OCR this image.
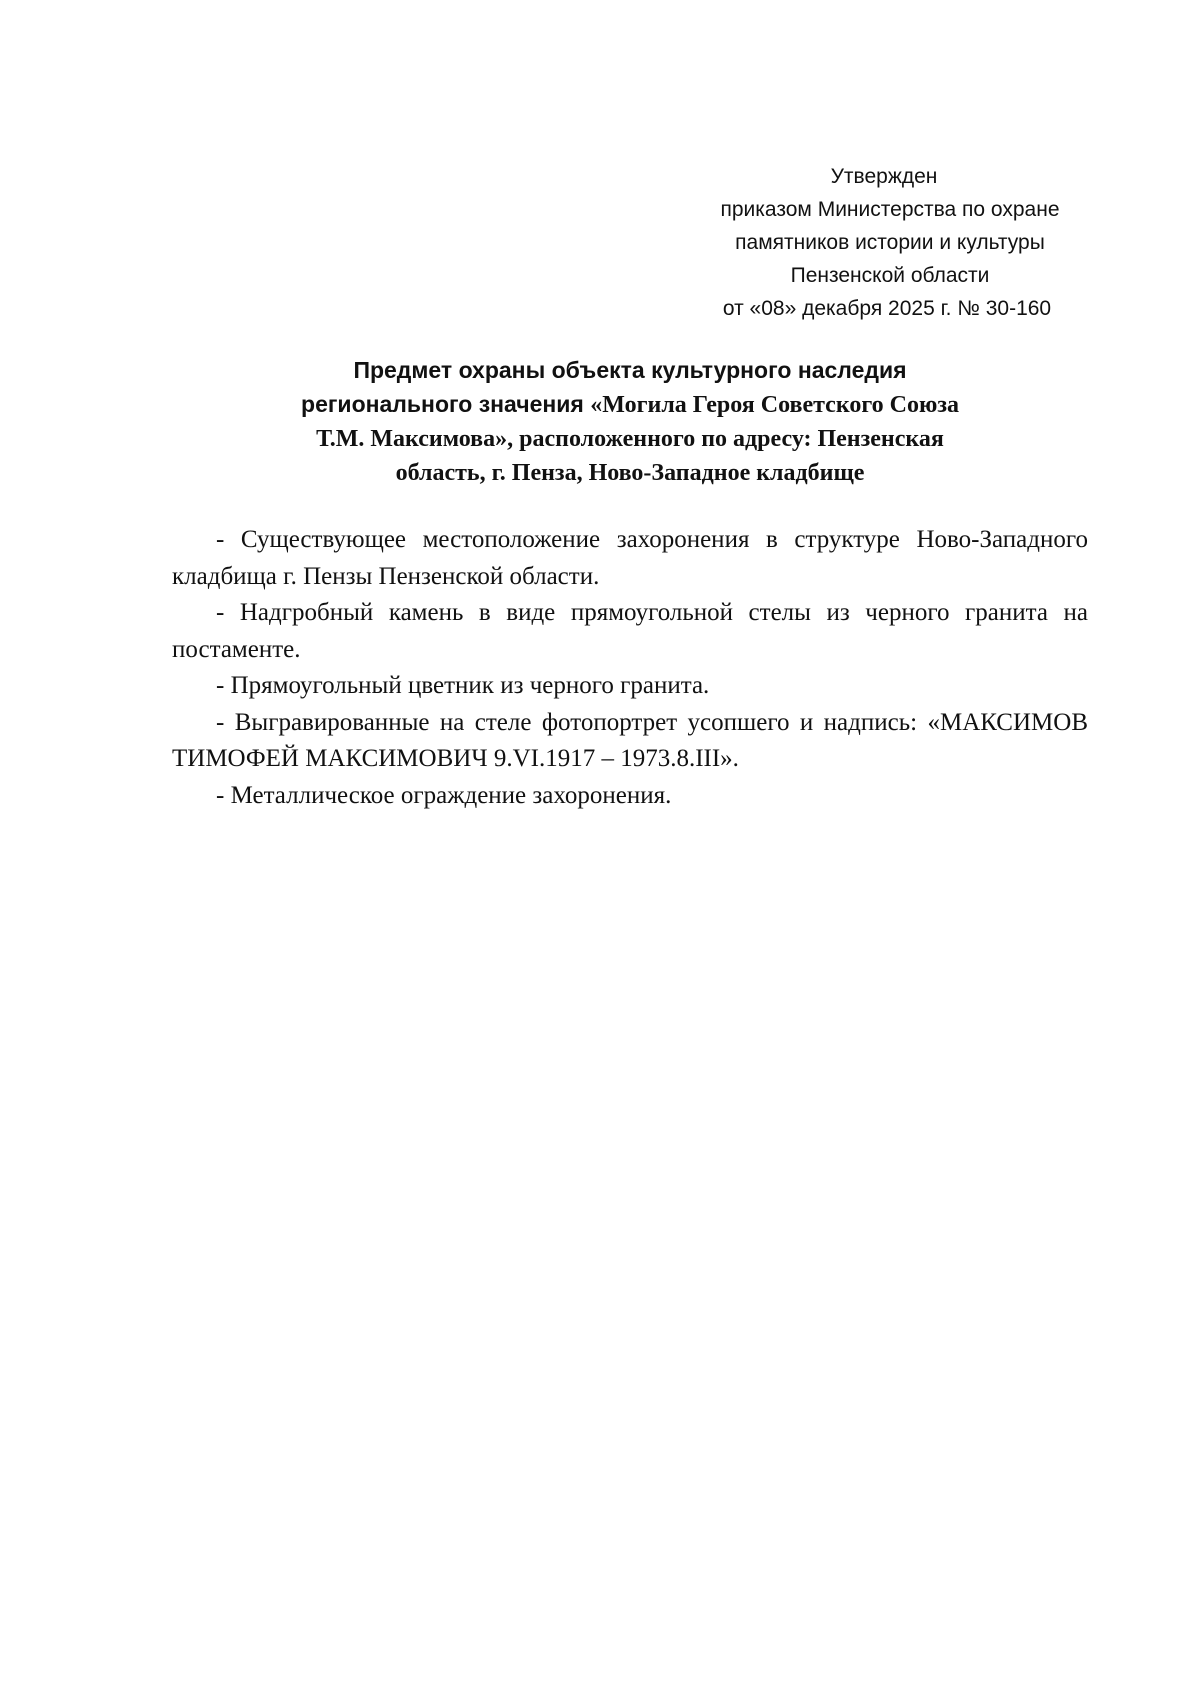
Утвержден
приказом Министерства по охране
памятников истории и культуры
Пензенской области
от «08» декабря 2025 г. № 30-160
Предмет охраны объекта культурного наследия
регионального значения «Могила Героя Советского Союза
Т.М. Максимова», расположенного по адресу: Пензенская
область, г. Пенза, Ново-Западное кладбище

- Существующее местоположение захоронения в структуре Ново-Западного кладбища г. Пензы Пензенской области.

- Надгробный камень в виде прямоугольной стелы из черного гранита на постаменте.

- Прямоугольный цветник из черного гранита.

- Выгравированные на стеле фотопортрет усопшего и надпись: «МАКСИМОВ ТИМОФЕЙ МАКСИМОВИЧ 9.VI.1917 – 1973.8.III».

- Металлическое ограждение захоронения.
